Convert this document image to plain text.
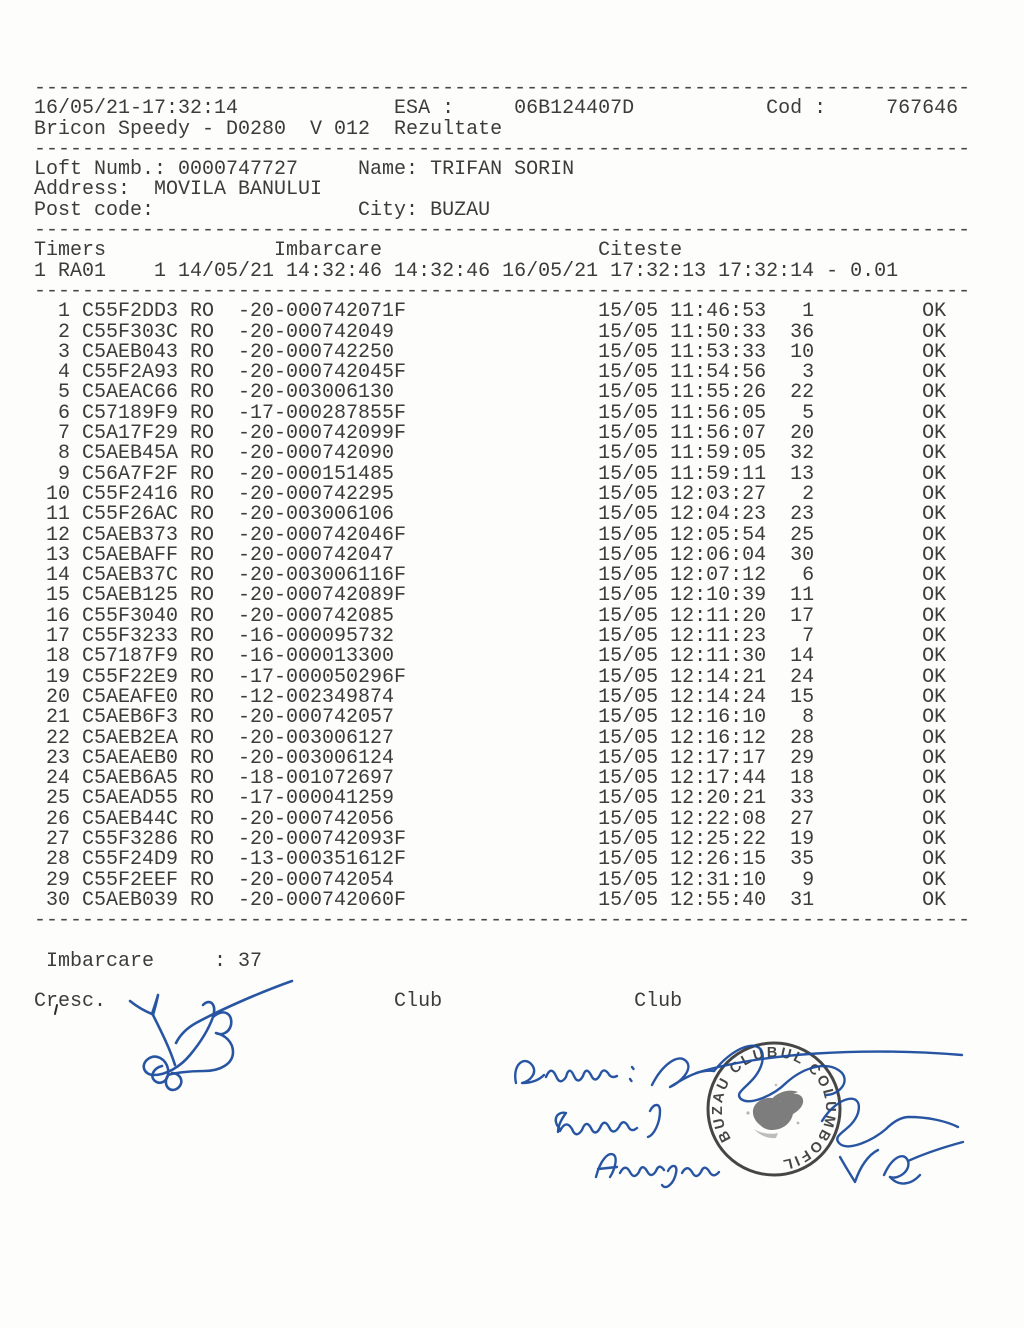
------------------------------------------------------------------------------
16/05/21-17:32:14             ESA :     06B124407D           Cod :     767646
Bricon Speedy - D0280  V 012  Rezultate
------------------------------------------------------------------------------
Loft Numb.: 0000747727     Name: TRIFAN SORIN
Address:  MOVILA BANULUI
Post code:                 City: BUZAU
------------------------------------------------------------------------------
Timers              Imbarcare                  Citeste
1 RA01    1 14/05/21 14:32:46 14:32:46 16/05/21 17:32:13 17:32:14 - 0.01
------------------------------------------------------------------------------
1 C55F2DD3 RO  -20-000742071F                15/05 11:46:53   1         OK
2 C55F303C RO  -20-000742049                 15/05 11:50:33  36         OK
3 C5AEB043 RO  -20-000742250                 15/05 11:53:33  10         OK
4 C55F2A93 RO  -20-000742045F                15/05 11:54:56   3         OK
5 C5AEAC66 RO  -20-003006130                 15/05 11:55:26  22         OK
6 C57189F9 RO  -17-000287855F                15/05 11:56:05   5         OK
7 C5A17F29 RO  -20-000742099F                15/05 11:56:07  20         OK
8 C5AEB45A RO  -20-000742090                 15/05 11:59:05  32         OK
9 C56A7F2F RO  -20-000151485                 15/05 11:59:11  13         OK
10 C55F2416 RO  -20-000742295                 15/05 12:03:27   2         OK
11 C55F26AC RO  -20-003006106                 15/05 12:04:23  23         OK
12 C5AEB373 RO  -20-000742046F                15/05 12:05:54  25         OK
13 C5AEBAFF RO  -20-000742047                 15/05 12:06:04  30         OK
14 C5AEB37C RO  -20-003006116F                15/05 12:07:12   6         OK
15 C5AEB125 RO  -20-000742089F                15/05 12:10:39  11         OK
16 C55F3040 RO  -20-000742085                 15/05 12:11:20  17         OK
17 C55F3233 RO  -16-000095732                 15/05 12:11:23   7         OK
18 C57187F9 RO  -16-000013300                 15/05 12:11:30  14         OK
19 C55F22E9 RO  -17-000050296F                15/05 12:14:21  24         OK
20 C5AEAFE0 RO  -12-002349874                 15/05 12:14:24  15         OK
21 C5AEB6F3 RO  -20-000742057                 15/05 12:16:10   8         OK
22 C5AEB2EA RO  -20-003006127                 15/05 12:16:12  28         OK
23 C5AEAEB0 RO  -20-003006124                 15/05 12:17:17  29         OK
24 C5AEB6A5 RO  -18-001072697                 15/05 12:17:44  18         OK
25 C5AEAD55 RO  -17-000041259                 15/05 12:20:21  33         OK
26 C5AEB44C RO  -20-000742056                 15/05 12:22:08  27         OK
27 C55F3286 RO  -20-000742093F                15/05 12:25:22  19         OK
28 C55F24D9 RO  -13-000351612F                15/05 12:26:15  35         OK
29 C55F2EEF RO  -20-000742054                 15/05 12:31:10   9         OK
30 C5AEB039 RO  -20-000742060F                15/05 12:55:40  31         OK
------------------------------------------------------------------------------

Imbarcare     : 37

Cresc.                        Club                Club
BUZAU CLUBUL COLUMBOFIL
